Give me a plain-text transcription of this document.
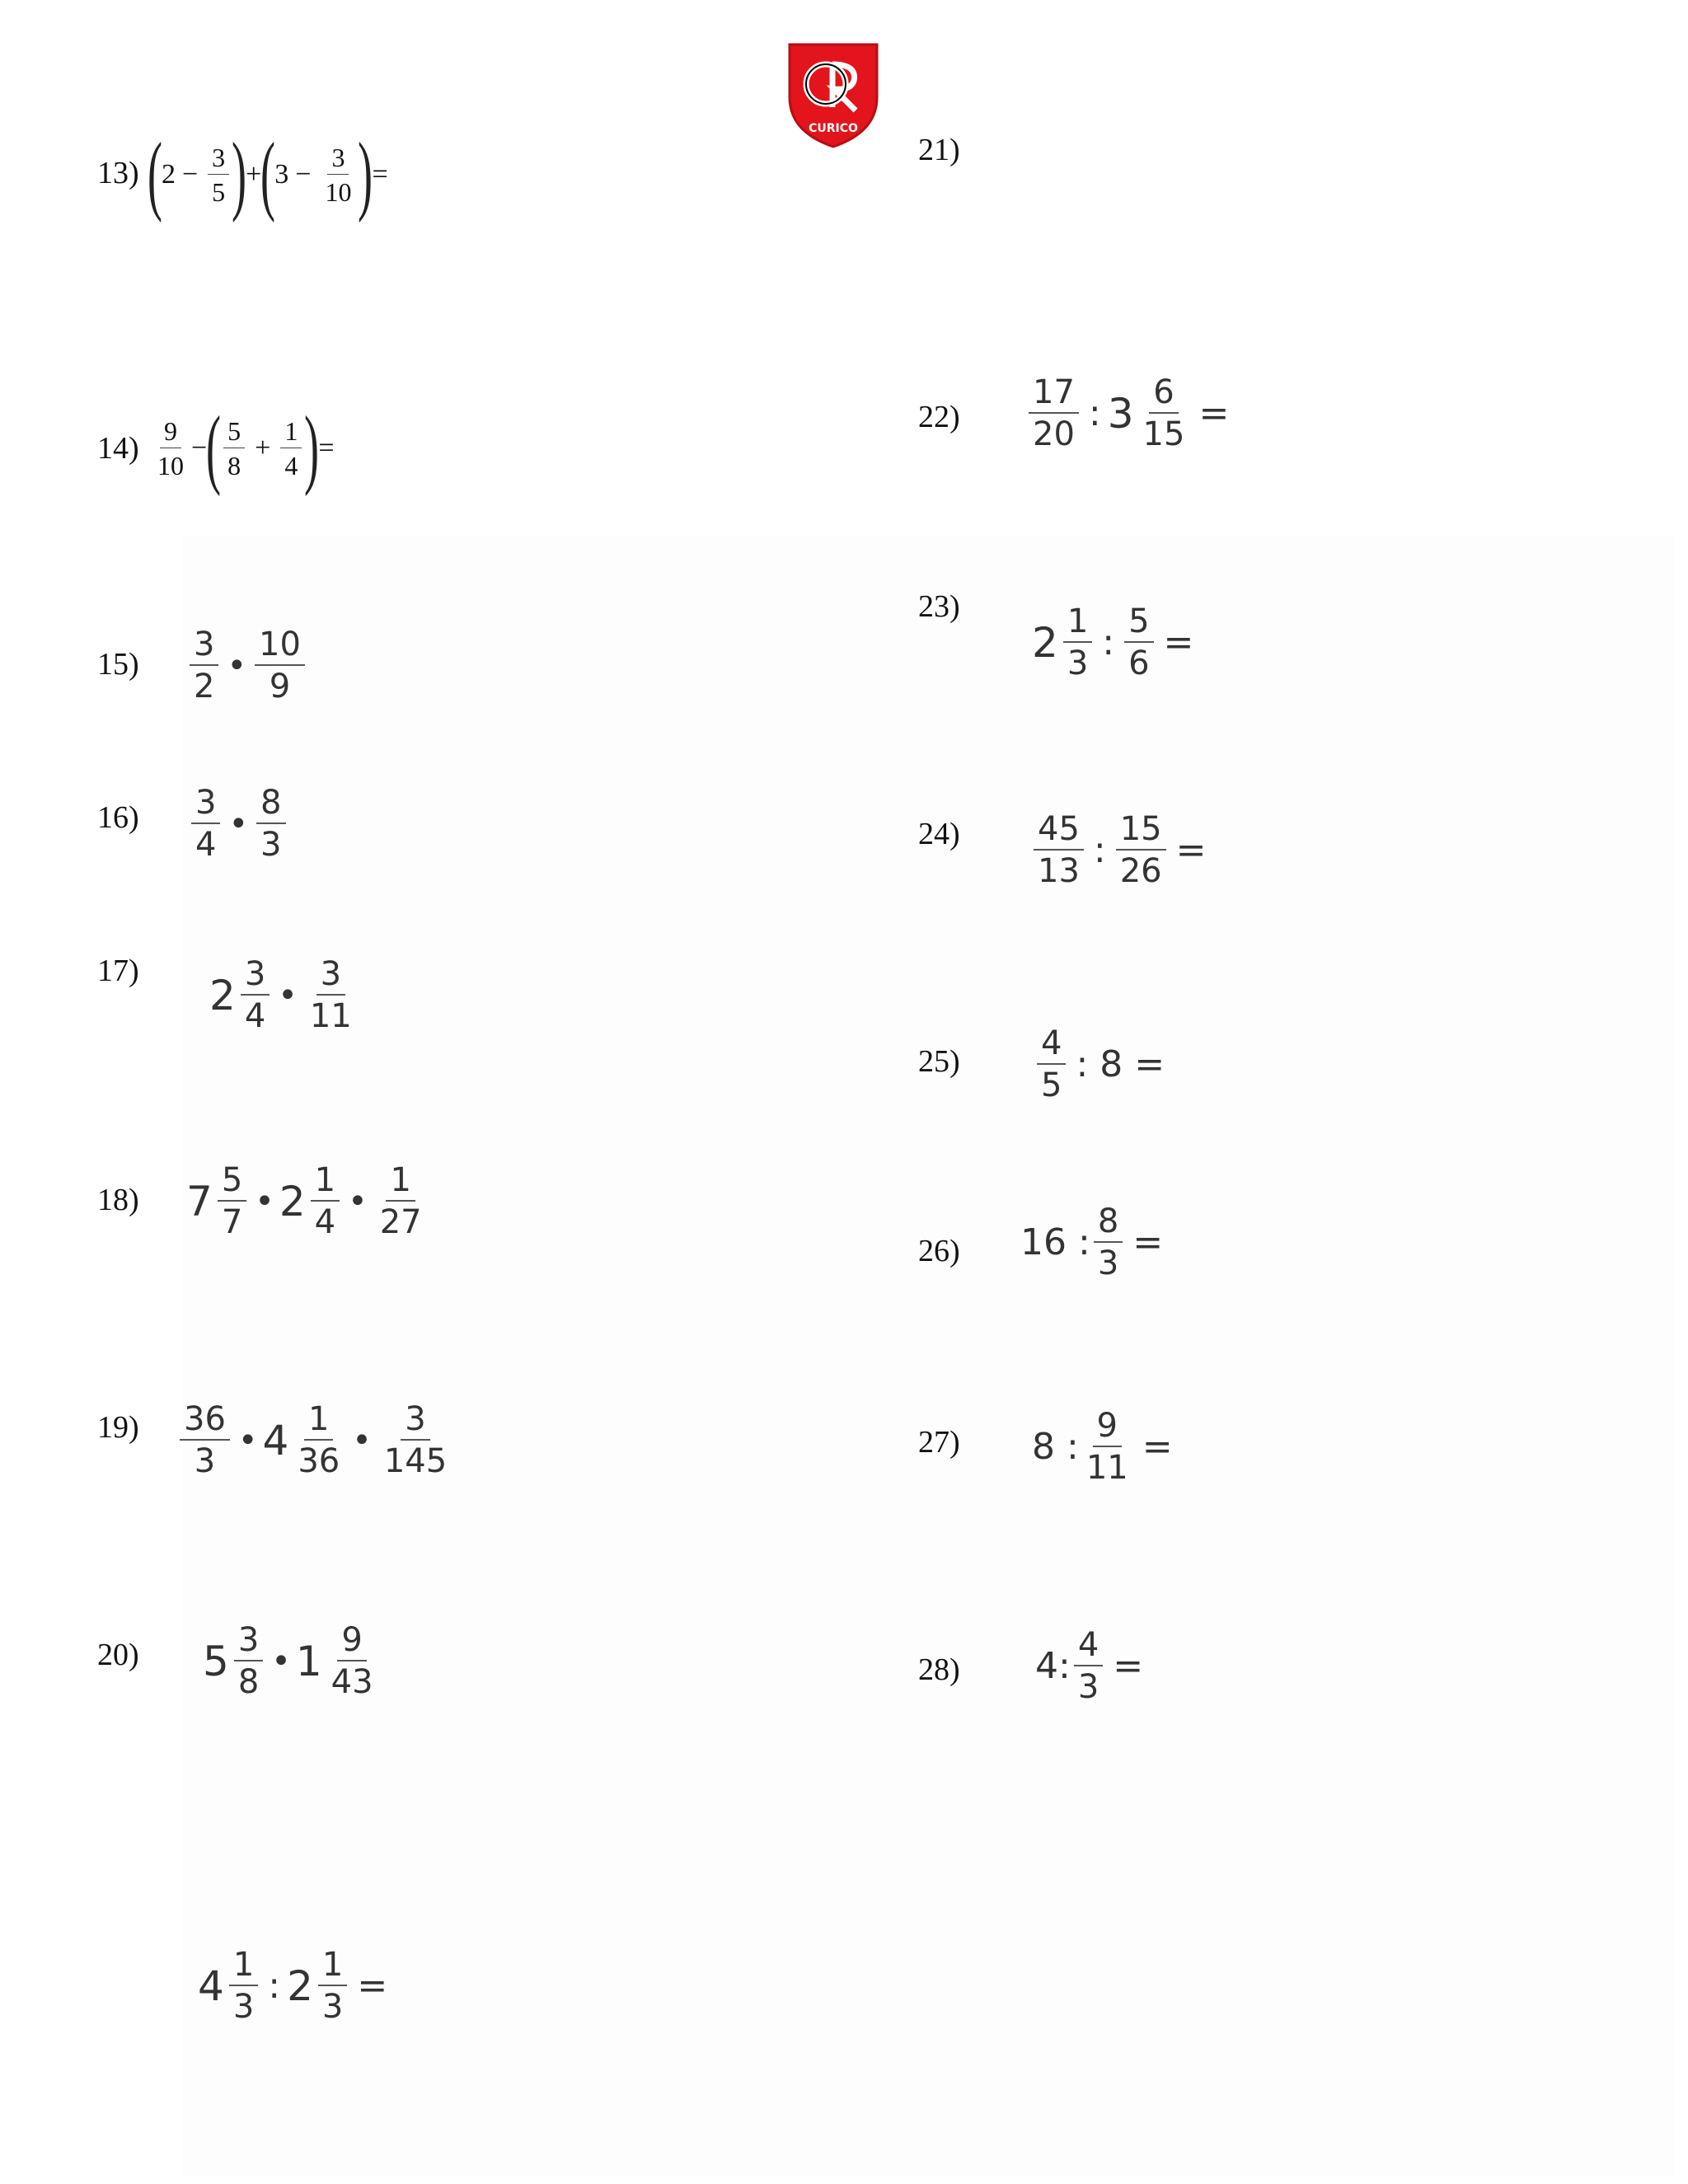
CURICO
13) (
$2 - \frac{3}{5}$ )
+
(
$3 - \frac{3}{10}$ )
=
$14) \frac{9}{10}$ −
( $\frac{5}{8} + \frac{1}{4}$ )
=
$15) \frac{3}{2}$ • $\frac{10}{9}$
$16) \frac{3}{4}$ • $\frac{8}{3}$
17)
$2 \frac{3}{4}$ • $\frac{3}{11}$
18) $7 \frac{5}{7}$ • $2 \frac{1}{4}$ • $\frac{1}{27}$
$19) \frac{36}{3}$ • $4 \frac{1}{36}$ • $\frac{3}{145}$
20) $5 \frac{3}{8}$ • $1 \frac{9}{43}$
21)
$4 \frac{1}{3}$ : $2 \frac{1}{3}$ =
$22) \frac{17}{20}$ : $3 \frac{6}{15}$ =
23)
$2 \frac{1}{3}$ : $\frac{5}{6}$ =
$24) \frac{45}{13}$ : $\frac{15}{26}$ =
$25) \frac{4}{5}$ : 8 =
26) 16 : $\frac{8}{3}$ =
27) 8 : $\frac{9}{11}$ =
28) 4: $\frac{4}{3}$ =
